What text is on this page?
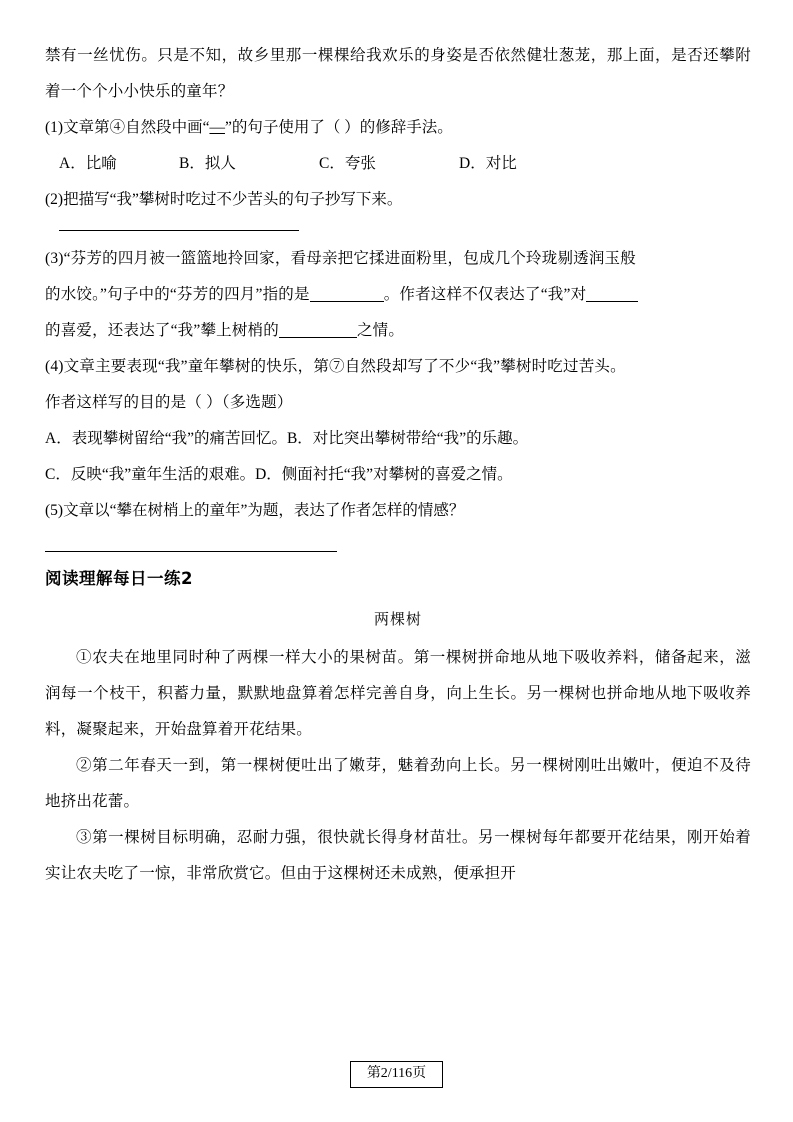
禁有一丝忧伤。只是不知，故乡里那一棵棵给我欢乐的身姿是否依然健壮葱茏，那上面，是否还攀附着一个个小小快乐的童年？

(1)文章第④自然段中画“—”的句子使用了（ ）的修辞手法。

A．比喻	B．拟人	C．夸张	D．对比

(2)把描写“我”攀树时吃过不少苦头的句子抄写下来。

(3)“芬芳的四月被一篮篮地拎回家，看母亲把它揉进面粉里，包成几个玲珑剔透润玉般

的水饺。”句子中的“芬芳的四月”指的是	。作者这样不仅表达了“我”对

的喜爱，还表达了“我”攀上树梢的	之情。

(4)文章主要表现“我”童年攀树的快乐，第⑦自然段却写了不少“我”攀树时吃过苦头。

作者这样写的目的是（ ）（多选题）

A．表现攀树留给“我”的痛苦回忆。B．对比突出攀树带给“我”的乐趣。

C．反映“我”童年生活的艰难。D．侧面衬托“我”对攀树的喜爱之情。

(5)文章以“攀在树梢上的童年”为题，表达了作者怎样的情感？

阅读理解每日一练2

两棵树

①农夫在地里同时种了两棵一样大小的果树苗。第一棵树拼命地从地下吸收养料，储备起来，滋润每一个枝干，积蓄力量，默默地盘算着怎样完善自身，向上生长。另一棵树也拼命地从地下吸收养料，凝聚起来，开始盘算着开花结果。

②第二年春天一到，第一棵树便吐出了嫩芽，魅着劲向上长。另一棵树刚吐出嫩叶，便迫不及待地挤出花蕾。

③第一棵树目标明确，忍耐力强，很快就长得身材苗壮。另一棵树每年都要开花结果，刚开始着实让农夫吃了一惊，非常欣赏它。但由于这棵树还未成熟，便承担开

第2/116页
